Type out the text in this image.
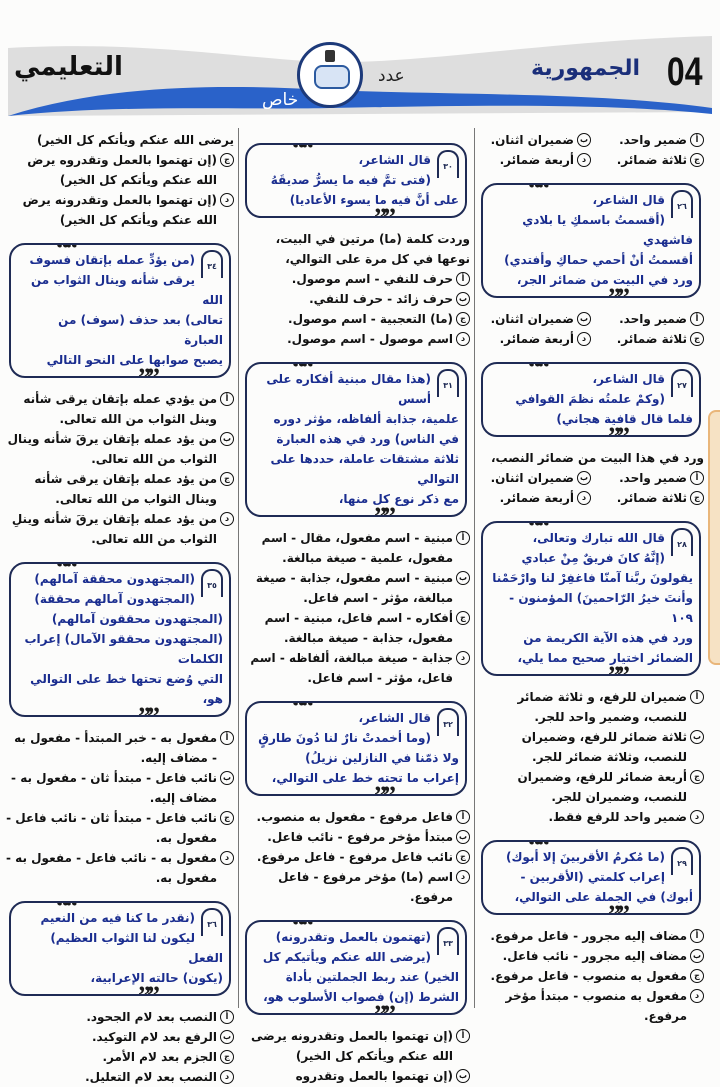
04
الجمهورية
عدد
خاص
التعليمي
أ
ضمير واحد.
ب
ضميران اثنان.
ج
ثلاثة ضمائر.
د
أربعة ضمائر.
““
٢٦
قال الشاعر،
(أقسمتُ باسمكِ يا بلادي فاشهدي
أقسمتُ أنْ أحمي حماكِ وأفتدي)
ورد في البيت من ضمائر الجر،
””
أ
ضمير واحد.
ب
ضميران اثنان.
ج
ثلاثة ضمائر.
د
أربعة ضمائر.
““
٢٧
قال الشاعر،
(وكمْ علمتُه نظمَ القوافي
فلما قال قافية هجاني)
””
ورد في هذا البيت من ضمائر النصب،
أ
ضمير واحد.
ب
ضميران اثنان.
ج
ثلاثة ضمائر.
د
أربعة ضمائر.
““
٢٨
قال الله تبارك وتعالى،
(إنَّهُ كانَ فريقٌ مِنْ عبادي
يقولونَ ربَّنا آمنّا فاغفِرْ لنا وارْحَمْنا
وأنتَ خيرُ الرّاحمينَ) المؤمنون - ١٠٩
ورد في هذه الآية الكريمة من
الضمائر اختيار صحيح مما يلي،
””
أ
ضميران للرفع، و ثلاثة ضمائر للنصب، وضمير واحد للجر.
ب
ثلاثة ضمائر للرفع، وضميران للنصب، وثلاثة ضمائر للجر.
ج
أربعة ضمائر للرفع، وضميران للنصب، وضميران للجر.
د
ضمير واحد للرفع فقط.
““
٢٩
(ما مُكرمُ الأقربينَ إلا أبوك)
إعراب كلمتي (الأقربين -
أبوك) في الجملة على التوالي،
””
أ
مضاف إليه مجرور - فاعل مرفوع.
ب
مضاف إليه مجرور - نائب فاعل.
ج
مفعول به منصوب - فاعل مرفوع.
د
مفعول به منصوب - مبتدأ مؤخر مرفوع.
““
٣٠
قال الشاعر،
(فتى تمَّ فيه ما يسرُّ صديقَهُ
على أنَّ فيه ما يسوء الأعاديا)
””
وردت كلمة (ما) مرتين في البيت،
نوعها في كل مرة على التوالي،
أ
حرف للنفي - اسم موصول.
ب
حرف زائد - حرف للنفي.
ج
(ما) التعجبية - اسم موصول.
د
اسم موصول - اسم موصول.
““
٣١
(هذا مقال مبنية أفكاره على أسس
علمية، جذابة ألفاظه، مؤثر دوره
في الناس) ورد في هذه العبارة
ثلاثة مشتقات عاملة، حددها على التوالي
مع ذكر نوع كل منها،
””
أ
مبنية - اسم مفعول، مقال - اسم مفعول، علمية - صيغة مبالغة.
ب
مبنية - اسم مفعول، جذابة - صيغة مبالغة، مؤثر - اسم فاعل.
ج
أفكاره - اسم فاعل، مبنية - اسم مفعول، جذابة - صيغة مبالغة.
د
جذابة - صيغة مبالغة، ألفاظه - اسم فاعل، مؤثر - اسم فاعل.
““
٣٢
قال الشاعر،
(وما أخمدتْ نارٌ لنا دُونَ طارقٍ
ولا ذمّنا في النازلين نزيلُ)
إعراب ما تحته خط على التوالي،
””
أ
فاعل مرفوع - مفعول به منصوب.
ب
مبتدأ مؤخر مرفوع - نائب فاعل.
ج
نائب فاعل مرفوع - فاعل مرفوع.
د
اسم (ما) مؤخر مرفوع - فاعل مرفوع.
““
٣٣
(تهتمون بالعمل وتقدرونه)
(يرضى الله عنكم ويأتيكم كل
الخير) عند ربط الجملتين بأداة
الشرط (إن) فصواب الأسلوب هو،
””
أ
(إن تهتموا بالعمل وتقدرونه يرضى الله عنكم ويأتكم كل الخير)
ب
(إن تهتموا بالعمل وتقدروه
يرضى الله عنكم ويأتكم كل الخير)
ج
(إن تهتموا بالعمل وتقدروه يرض الله عنكم ويأتكم كل الخير)
د
(إن تهتموا بالعمل وتقدرونه يرض الله عنكم ويأتكم كل الخير)
““
٣٤
(من يؤدِّ عمله بإتقان فسوف
يرقى شأنه وينال الثواب من الله
تعالى) بعد حذف (سوف) من العبارة
يصبح صوابها على النحو التالي
””
أ
من يؤدي عمله بإتقان يرقى شأنه وينل الثواب من الله تعالى.
ب
من يؤد عمله بإتقان يرقَ شأنه وينال الثواب من الله تعالى.
ج
من يؤد عمله بإتقان يرقى شأنه وينال الثواب من الله تعالى.
د
من يؤد عمله بإتقان يرقَ شأنه وينلِ الثواب من الله تعالى.
““
٣٥
(المجتهدون محققة آمالهم)
(المجتهدون آمالهم محققة)
(المجتهدون محققون آمالهم)
(المجتهدون محققو الآمال) إعراب الكلمات
التي وُضع تحتها خط على التوالي هو،
””
أ
مفعول به - خبر المبتدأ - مفعول به - مضاف إليه.
ب
نائب فاعل - مبتدأ ثان - مفعول به - مضاف إليه.
ج
نائب فاعل - مبتدأ ثان - نائب فاعل - مفعول به.
د
مفعول به - نائب فاعل - مفعول به - مفعول به.
““
٣٦
(نقدر ما كنا فيه من النعيم
ليكون لنا الثواب العظيم) الفعل
(يكون) حالته الإعرابية،
””
أ
النصب بعد لام الجحود.
ب
الرفع بعد لام التوكيد.
ج
الجزم بعد لام الأمر.
د
النصب بعد لام التعليل.
